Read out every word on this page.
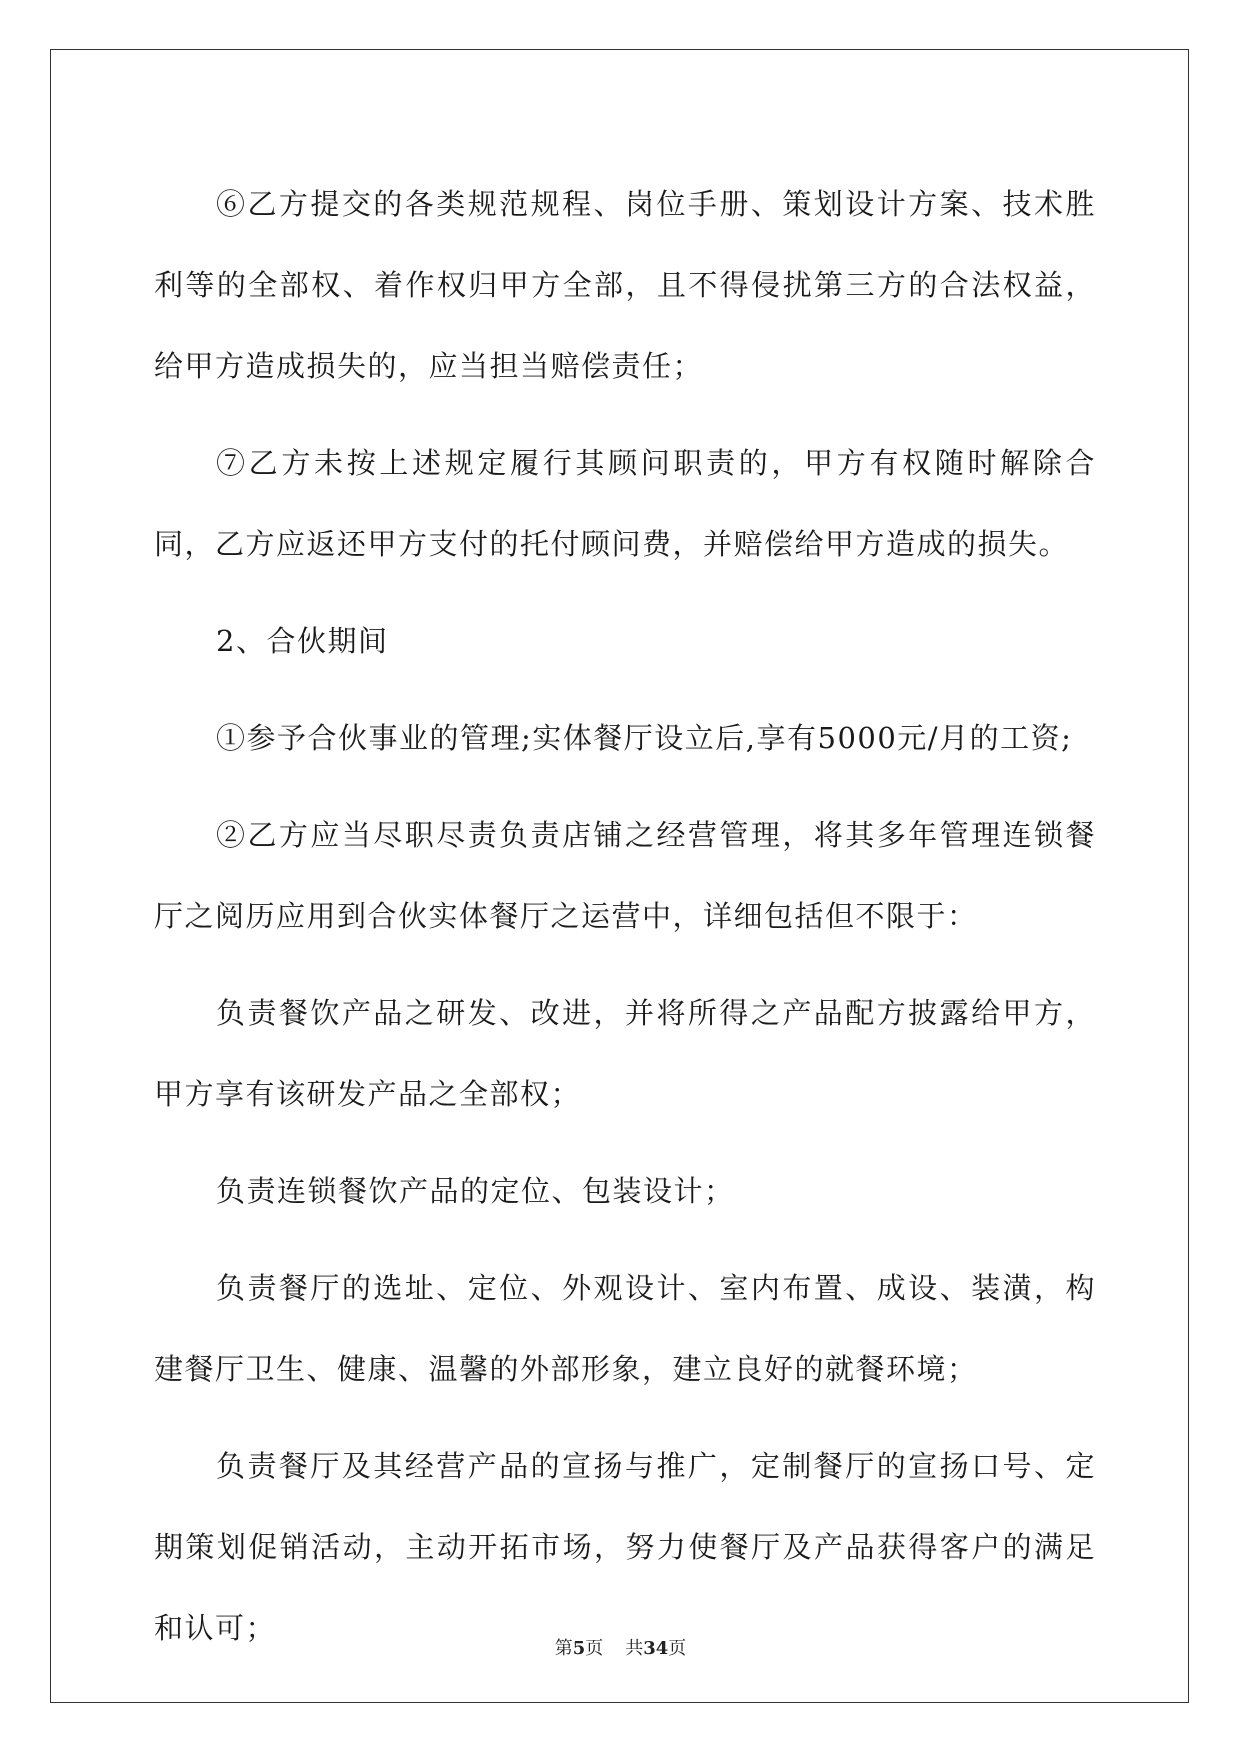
⑥乙方提交的各类规范规程、岗位手册、策划设计方案、技术胜利等的全部权、着作权归甲方全部，且不得侵扰第三方的合法权益，给甲方造成损失的，应当担当赔偿责任；

⑦乙方未按上述规定履行其顾问职责的，甲方有权随时解除合同，乙方应返还甲方支付的托付顾问费，并赔偿给甲方造成的损失。

2、合伙期间

①参予合伙事业的管理;实体餐厅设立后,享有5000元/月的工资;

②乙方应当尽职尽责负责店铺之经营管理，将其多年管理连锁餐厅之阅历应用到合伙实体餐厅之运营中，详细包括但不限于：

负责餐饮产品之研发、改进，并将所得之产品配方披露给甲方，甲方享有该研发产品之全部权；

负责连锁餐饮产品的定位、包装设计；

负责餐厅的选址、定位、外观设计、室内布置、成设、装潢，构建餐厅卫生、健康、温馨的外部形象，建立良好的就餐环境；

负责餐厅及其经营产品的宣扬与推广，定制餐厅的宣扬口号、定期策划促销活动，主动开拓市场，努力使餐厅及产品获得客户的满足和认可；

第5页 共34页
